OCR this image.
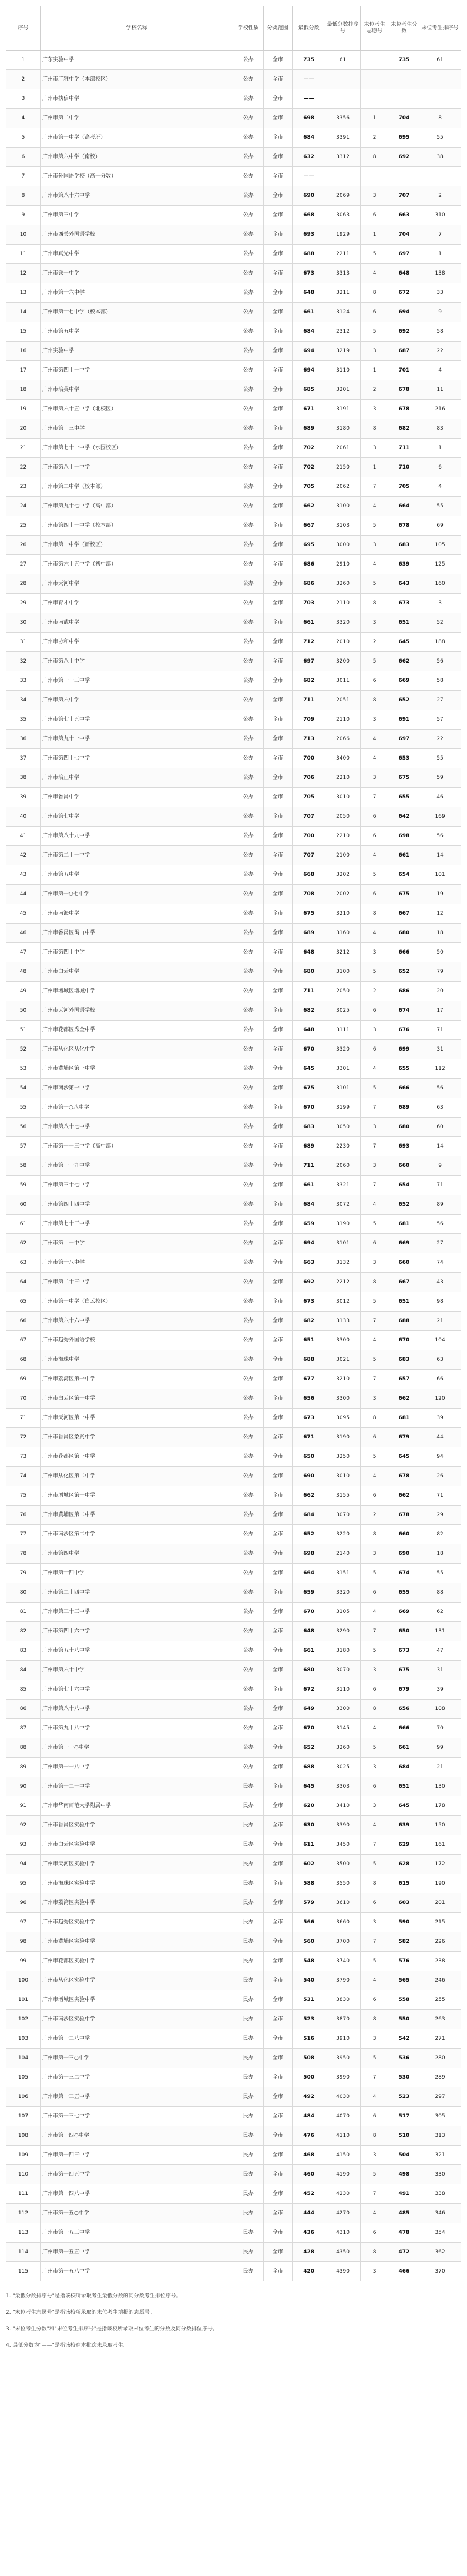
序号	学校名称	学校性质	分类范围	最低分数	最低分数排序号	末位考生志愿号	末位考生分数	末位考生排序号
1	广东实验中学	公办	全市	735	61		735	61
2	广州市广雅中学（本部校区）	公办	全市	——				
3	广州市执信中学	公办	全市	——				
4	广州市第二中学	公办	全市	698	3356	1	704	8
5	广州市第一中学（高考班）	公办	全市	684	3391	2	695	55
6	广州市第六中学（南校）	公办	全市	632	3312	8	692	38
7	广州市外国语学校（高一分数）	公办	全市	——				
8	广州市第八十六中学	公办	全市	690	2069	3	707	2
9	广州市第三中学	公办	全市	668	3063	6	663	310
10	广州市西关外国语学校	公办	全市	693	1929	1	704	7
11	广州市真光中学	公办	全市	688	2211	5	697	1
12	广州市铁一中学	公办	全市	673	3313	4	648	138
13	广州市第十六中学	公办	全市	648	3211	8	672	33
14	广州市第十七中学（校本部）	公办	全市	661	3124	6	694	9
15	广州市第五中学	公办	全市	684	2312	5	692	58
16	广州实验中学	公办	全市	694	3219	3	687	22
17	广州市第四十一中学	公办	全市	694	3110	1	701	4
18	广州市培英中学	公办	全市	685	3201	2	678	11
19	广州市第六十五中学（北校区）	公办	全市	671	3191	3	678	216
20	广州市第十三中学	公办	全市	689	3180	8	682	83
21	广州市第七十一中学（水围校区）	公办	全市	702	2061	3	711	1
22	广州市第八十一中学	公办	全市	702	2150	1	710	6
23	广州市第二中学（校本部）	公办	全市	705	2062	7	705	4
24	广州市第九十七中学（高中部）	公办	全市	662	3100	4	664	55
25	广州市第四十一中学（校本部）	公办	全市	667	3103	5	678	69
26	广州市第一中学（新校区）	公办	全市	695	3000	3	683	105
27	广州市第六十五中学（初中部）	公办	全市	686	2910	4	639	125
28	广州市天河中学	公办	全市	686	3260	5	643	160
29	广州市育才中学	公办	全市	703	2110	8	673	3
30	广州市南武中学	公办	全市	661	3320	3	651	52
31	广州市协和中学	公办	全市	712	2010	2	645	188
32	广州市第八十中学	公办	全市	697	3200	5	662	56
33	广州市第一一三中学	公办	全市	682	3011	6	669	58
34	广州市第六中学	公办	全市	711	2051	8	652	27
35	广州市第七十五中学	公办	全市	709	2110	3	691	57
36	广州市第九十一中学	公办	全市	713	2066	4	697	22
37	广州市第四十七中学	公办	全市	700	3400	4	653	55
38	广州市培正中学	公办	全市	706	2210	3	675	59
39	广州市番禺中学	公办	全市	705	3010	7	655	46
40	广州市第七中学	公办	全市	707	2050	6	642	169
41	广州市第八十九中学	公办	全市	700	2210	6	698	56
42	广州市第二十一中学	公办	全市	707	2100	4	661	14
43	广州市第五中学	公办	全市	668	3202	5	654	101
44	广州市第一○七中学	公办	全市	708	2002	6	675	19
45	广州市南海中学	公办	全市	675	3210	8	667	12
46	广州市番禺区禺山中学	公办	全市	689	3160	4	680	18
47	广州市第四十中学	公办	全市	648	3212	3	666	50
48	广州市白云中学	公办	全市	680	3100	5	652	79
49	广州市增城区增城中学	公办	全市	711	2050	2	686	20
50	广州市天河外国语学校	公办	全市	682	3025	6	674	17
51	广州市花都区秀全中学	公办	全市	648	3111	3	676	71
52	广州市从化区从化中学	公办	全市	670	3320	6	699	31
53	广州市黄埔区第一中学	公办	全市	645	3301	4	655	112
54	广州市南沙第一中学	公办	全市	675	3101	5	666	56
55	广州市第一○八中学	公办	全市	670	3199	7	689	63
56	广州市第八十七中学	公办	全市	683	3050	3	680	60
57	广州市第一一三中学（高中部）	公办	全市	689	2230	7	693	14
58	广州市第一一九中学	公办	全市	711	2060	3	660	9
59	广州市第三十七中学	公办	全市	661	3321	7	654	71
60	广州市第四十四中学	公办	全市	684	3072	4	652	89
61	广州市第七十三中学	公办	全市	659	3190	5	681	56
62	广州市第十一中学	公办	全市	694	3101	6	669	27
63	广州市第十八中学	公办	全市	663	3132	3	660	74
64	广州市第二十三中学	公办	全市	692	2212	8	667	43
65	广州市第一中学（白云校区）	公办	全市	673	3012	5	651	98
66	广州市第六十六中学	公办	全市	682	3133	7	688	21
67	广州市越秀外国语学校	公办	全市	651	3300	4	670	104
68	广州市海珠中学	公办	全市	688	3021	5	683	63
69	广州市荔湾区第一中学	公办	全市	677	3210	7	657	66
70	广州市白云区第一中学	公办	全市	656	3300	3	662	120
71	广州市天河区第一中学	公办	全市	673	3095	8	681	39
72	广州市番禺区象贤中学	公办	全市	671	3190	6	679	44
73	广州市花都区第一中学	公办	全市	650	3250	5	645	94
74	广州市从化区第二中学	公办	全市	690	3010	4	678	26
75	广州市增城区第一中学	公办	全市	662	3155	6	662	71
76	广州市黄埔区第二中学	公办	全市	684	3070	2	678	29
77	广州市南沙区第二中学	公办	全市	652	3220	8	660	82
78	广州市第四中学	公办	全市	698	2140	3	690	18
79	广州市第十四中学	公办	全市	664	3151	5	674	55
80	广州市第二十四中学	公办	全市	659	3320	6	655	88
81	广州市第三十三中学	公办	全市	670	3105	4	669	62
82	广州市第四十六中学	公办	全市	648	3290	7	650	131
83	广州市第五十八中学	公办	全市	661	3180	5	673	47
84	广州市第六十中学	公办	全市	680	3070	3	675	31
85	广州市第七十六中学	公办	全市	672	3110	6	679	39
86	广州市第八十八中学	公办	全市	649	3300	8	656	108
87	广州市第九十八中学	公办	全市	670	3145	4	666	70
88	广州市第一一○中学	公办	全市	652	3260	5	661	99
89	广州市第一一八中学	公办	全市	688	3025	3	684	21
90	广州市第一二一中学	民办	全市	645	3303	6	651	130
91	广州市华南师范大学附属中学	民办	全市	620	3410	3	645	178
92	广州市番禺区实验中学	民办	全市	630	3390	4	639	150
93	广州市白云区实验中学	民办	全市	611	3450	7	629	161
94	广州市天河区实验中学	民办	全市	602	3500	5	628	172
95	广州市海珠区实验中学	民办	全市	588	3550	8	615	190
96	广州市荔湾区实验中学	民办	全市	579	3610	6	603	201
97	广州市越秀区实验中学	民办	全市	566	3660	3	590	215
98	广州市黄埔区实验中学	民办	全市	560	3700	7	582	226
99	广州市花都区实验中学	民办	全市	548	3740	5	576	238
100	广州市从化区实验中学	民办	全市	540	3790	4	565	246
101	广州市增城区实验中学	民办	全市	531	3830	6	558	255
102	广州市南沙区实验中学	民办	全市	523	3870	8	550	263
103	广州市第一二八中学	民办	全市	516	3910	3	542	271
104	广州市第一三○中学	民办	全市	508	3950	5	536	280
105	广州市第一三二中学	民办	全市	500	3990	7	530	289
106	广州市第一三五中学	民办	全市	492	4030	4	523	297
107	广州市第一三七中学	民办	全市	484	4070	6	517	305
108	广州市第一四○中学	民办	全市	476	4110	8	510	313
109	广州市第一四三中学	民办	全市	468	4150	3	504	321
110	广州市第一四五中学	民办	全市	460	4190	5	498	330
111	广州市第一四八中学	民办	全市	452	4230	7	491	338
112	广州市第一五○中学	民办	全市	444	4270	4	485	346
113	广州市第一五三中学	民办	全市	436	4310	6	478	354
114	广州市第一五五中学	民办	全市	428	4350	8	472	362
115	广州市第一五八中学	民办	全市	420	4390	3	466	370

1. "最低分数排序号"是指该校所录取考生最低分数的同分数考生排位序号。

2. "末位考生志愿号"是指该校所录取的末位考生填报的志愿号。

3. "末位考生分数"和"末位考生排序号"是指该校所录取末位考生的分数及同分数排位序号。

4. 最低分数为"——"是指该校在本批次未录取考生。
